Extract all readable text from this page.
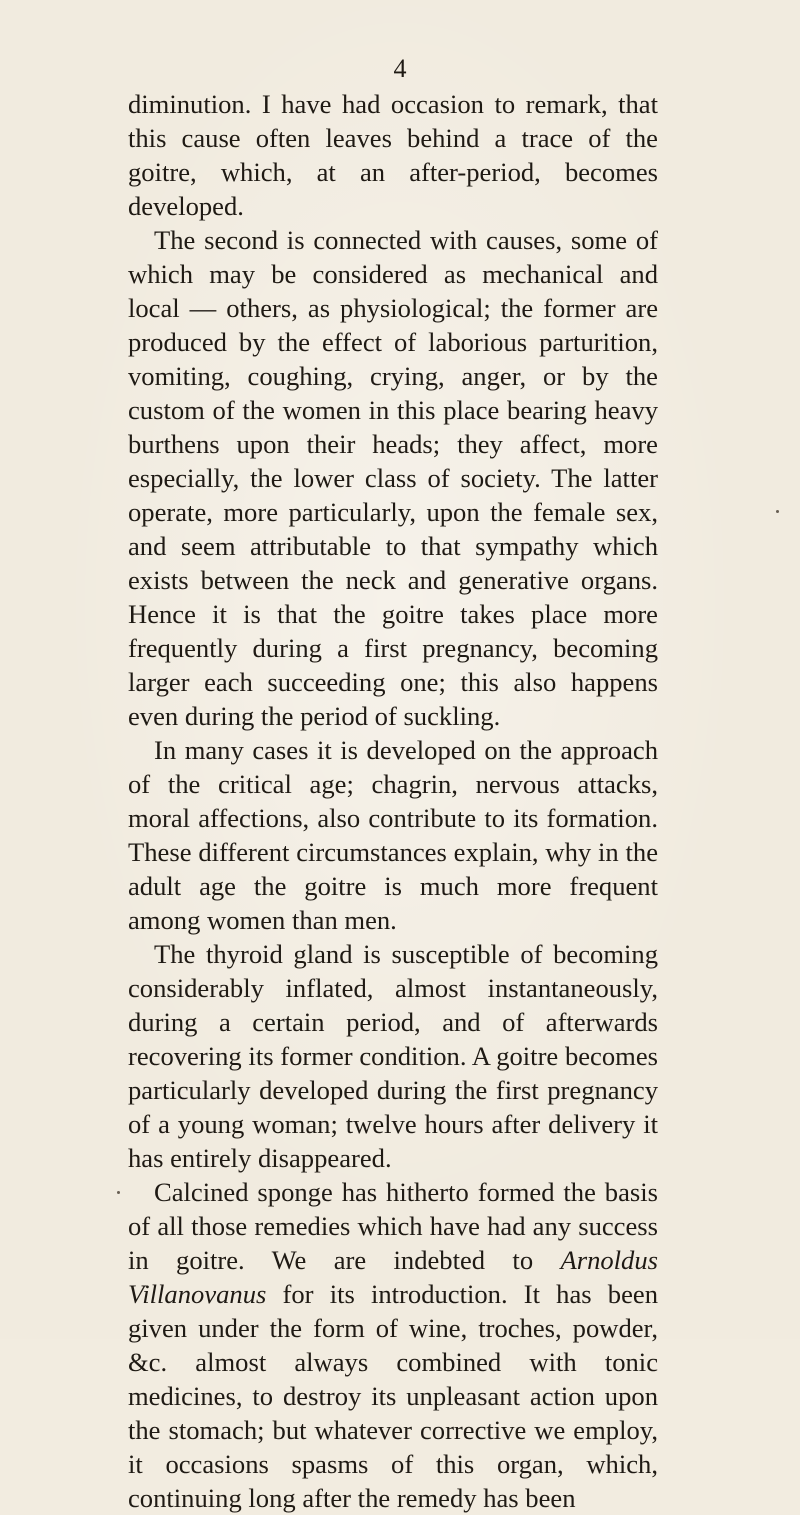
4

diminution. I have had occasion to remark, that this cause often leaves behind a trace of the goitre, which, at an after-period, becomes developed.

The second is connected with causes, some of which may be considered as mechanical and local — others, as physiological; the former are produced by the effect of laborious parturition, vomiting, coughing, crying, anger, or by the custom of the women in this place bearing heavy burthens upon their heads; they affect, more especially, the lower class of society. The latter operate, more particularly, upon the female sex, and seem attributable to that sympathy which exists between the neck and generative organs. Hence it is that the goitre takes place more frequently during a first pregnancy, becoming larger each succeeding one; this also happens even during the period of suckling.

In many cases it is developed on the approach of the critical age; chagrin, nervous attacks, moral affections, also contribute to its formation. These different circumstances explain, why in the adult age the goitre is much more frequent among women than men.

The thyroid gland is susceptible of becoming considerably inflated, almost instantaneously, during a certain period, and of afterwards recovering its former condition. A goitre becomes particularly developed during the first pregnancy of a young woman; twelve hours after delivery it has entirely disappeared.

Calcined sponge has hitherto formed the basis of all those remedies which have had any success in goitre. We are indebted to Arnoldus Villanovanus for its introduction. It has been given under the form of wine, troches, powder, &c. almost always combined with tonic medicines, to destroy its unpleasant action upon the stomach; but whatever corrective we employ, it occasions spasms of this organ, which, continuing long after the remedy has been
